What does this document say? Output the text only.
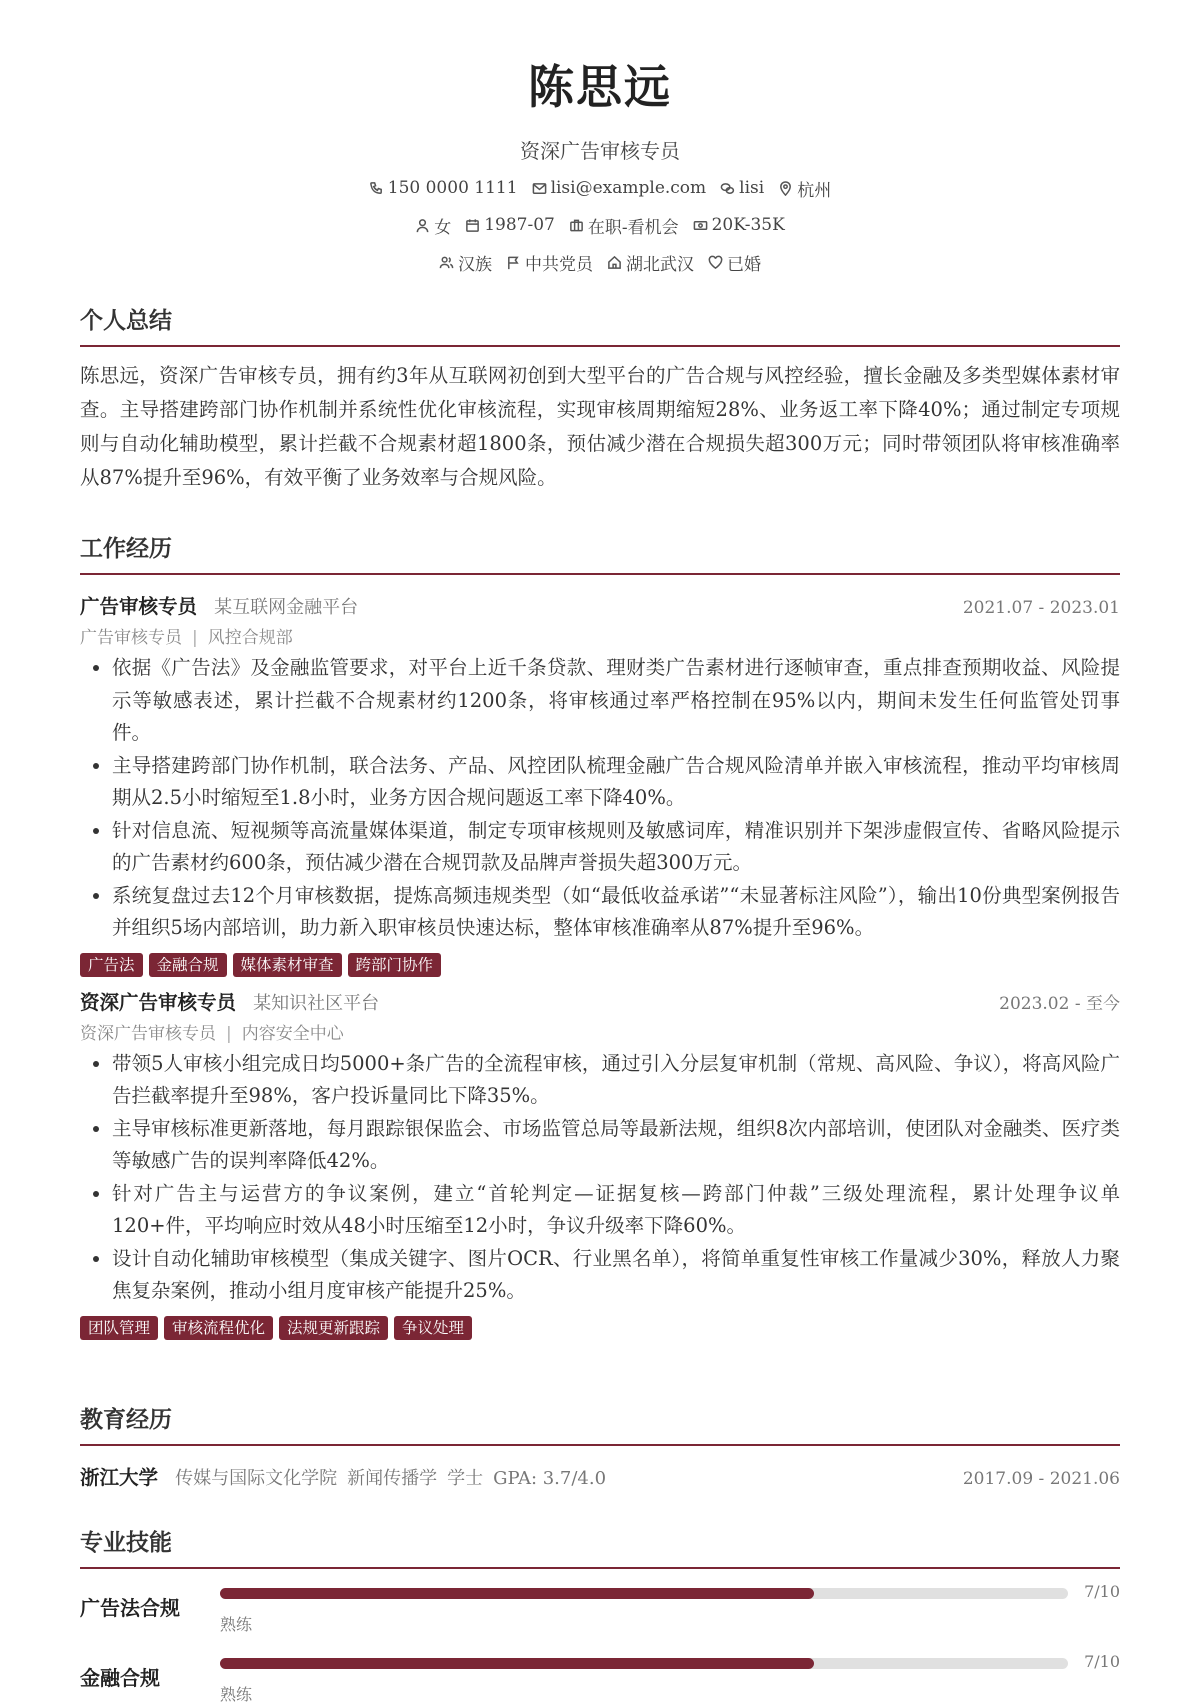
陈思远
资深广告审核专员
150 0000 1111 lisi@example.com lisi 杭州
女 1987-07 在职-看机会 20K-35K
汉族 中共党员 湖北武汉 已婚
个人总结
陈思远，资深广告审核专员，拥有约3年从互联网初创到大型平台的广告合规与风控经验，擅长金融及多类型媒体素材审查。主导搭建跨部门协作机制并系统性优化审核流程，实现审核周期缩短28%、业务返工率下降40%；通过制定专项规则与自动化辅助模型，累计拦截不合规素材超1800条，预估减少潜在合规损失超300万元；同时带领团队将审核准确率从87%提升至96%，有效平衡了业务效率与合规风险。
工作经历
广告审核专员 某互联网金融平台	2021.07 - 2023.01
广告审核专员 | 风控合规部
• 依据《广告法》及金融监管要求，对平台上近千条贷款、理财类广告素材进行逐帧审查，重点排查预期收益、风险提示等敏感表述，累计拦截不合规素材约1200条，将审核通过率严格控制在95%以内，期间未发生任何监管处罚事件。
• 主导搭建跨部门协作机制，联合法务、产品、风控团队梳理金融广告合规风险清单并嵌入审核流程，推动平均审核周期从2.5小时缩短至1.8小时，业务方因合规问题返工率下降40%。
• 针对信息流、短视频等高流量媒体渠道，制定专项审核规则及敏感词库，精准识别并下架涉虚假宣传、省略风险提示的广告素材约600条，预估减少潜在合规罚款及品牌声誉损失超300万元。
• 系统复盘过去12个月审核数据，提炼高频违规类型（如“最低收益承诺”“未显著标注风险”），输出10份典型案例报告并组织5场内部培训，助力新入职审核员快速达标，整体审核准确率从87%提升至96%。
广告法	金融合规	媒体素材审查	跨部门协作
资深广告审核专员 某知识社区平台	2023.02 - 至今
资深广告审核专员 | 内容安全中心
• 带领5人审核小组完成日均5000+条广告的全流程审核，通过引入分层复审机制（常规、高风险、争议），将高风险广告拦截率提升至98%，客户投诉量同比下降35%。
• 主导审核标准更新落地，每月跟踪银保监会、市场监管总局等最新法规，组织8次内部培训，使团队对金融类、医疗类等敏感广告的误判率降低42%。
• 针对广告主与运营方的争议案例，建立“首轮判定—证据复核—跨部门仲裁”三级处理流程，累计处理争议单120+件，平均响应时效从48小时压缩至12小时，争议升级率下降60%。
• 设计自动化辅助审核模型（集成关键字、图片OCR、行业黑名单），将简单重复性审核工作量减少30%，释放人力聚焦复杂案例，推动小组月度审核产能提升25%。
团队管理	审核流程优化	法规更新跟踪	争议处理
教育经历
浙江大学 传媒与国际文化学院 新闻传播学 学士 GPA: 3.7/4.0	2017.09 - 2021.06
专业技能
广告法合规
7/10
熟练
金融合规
7/10
熟练
